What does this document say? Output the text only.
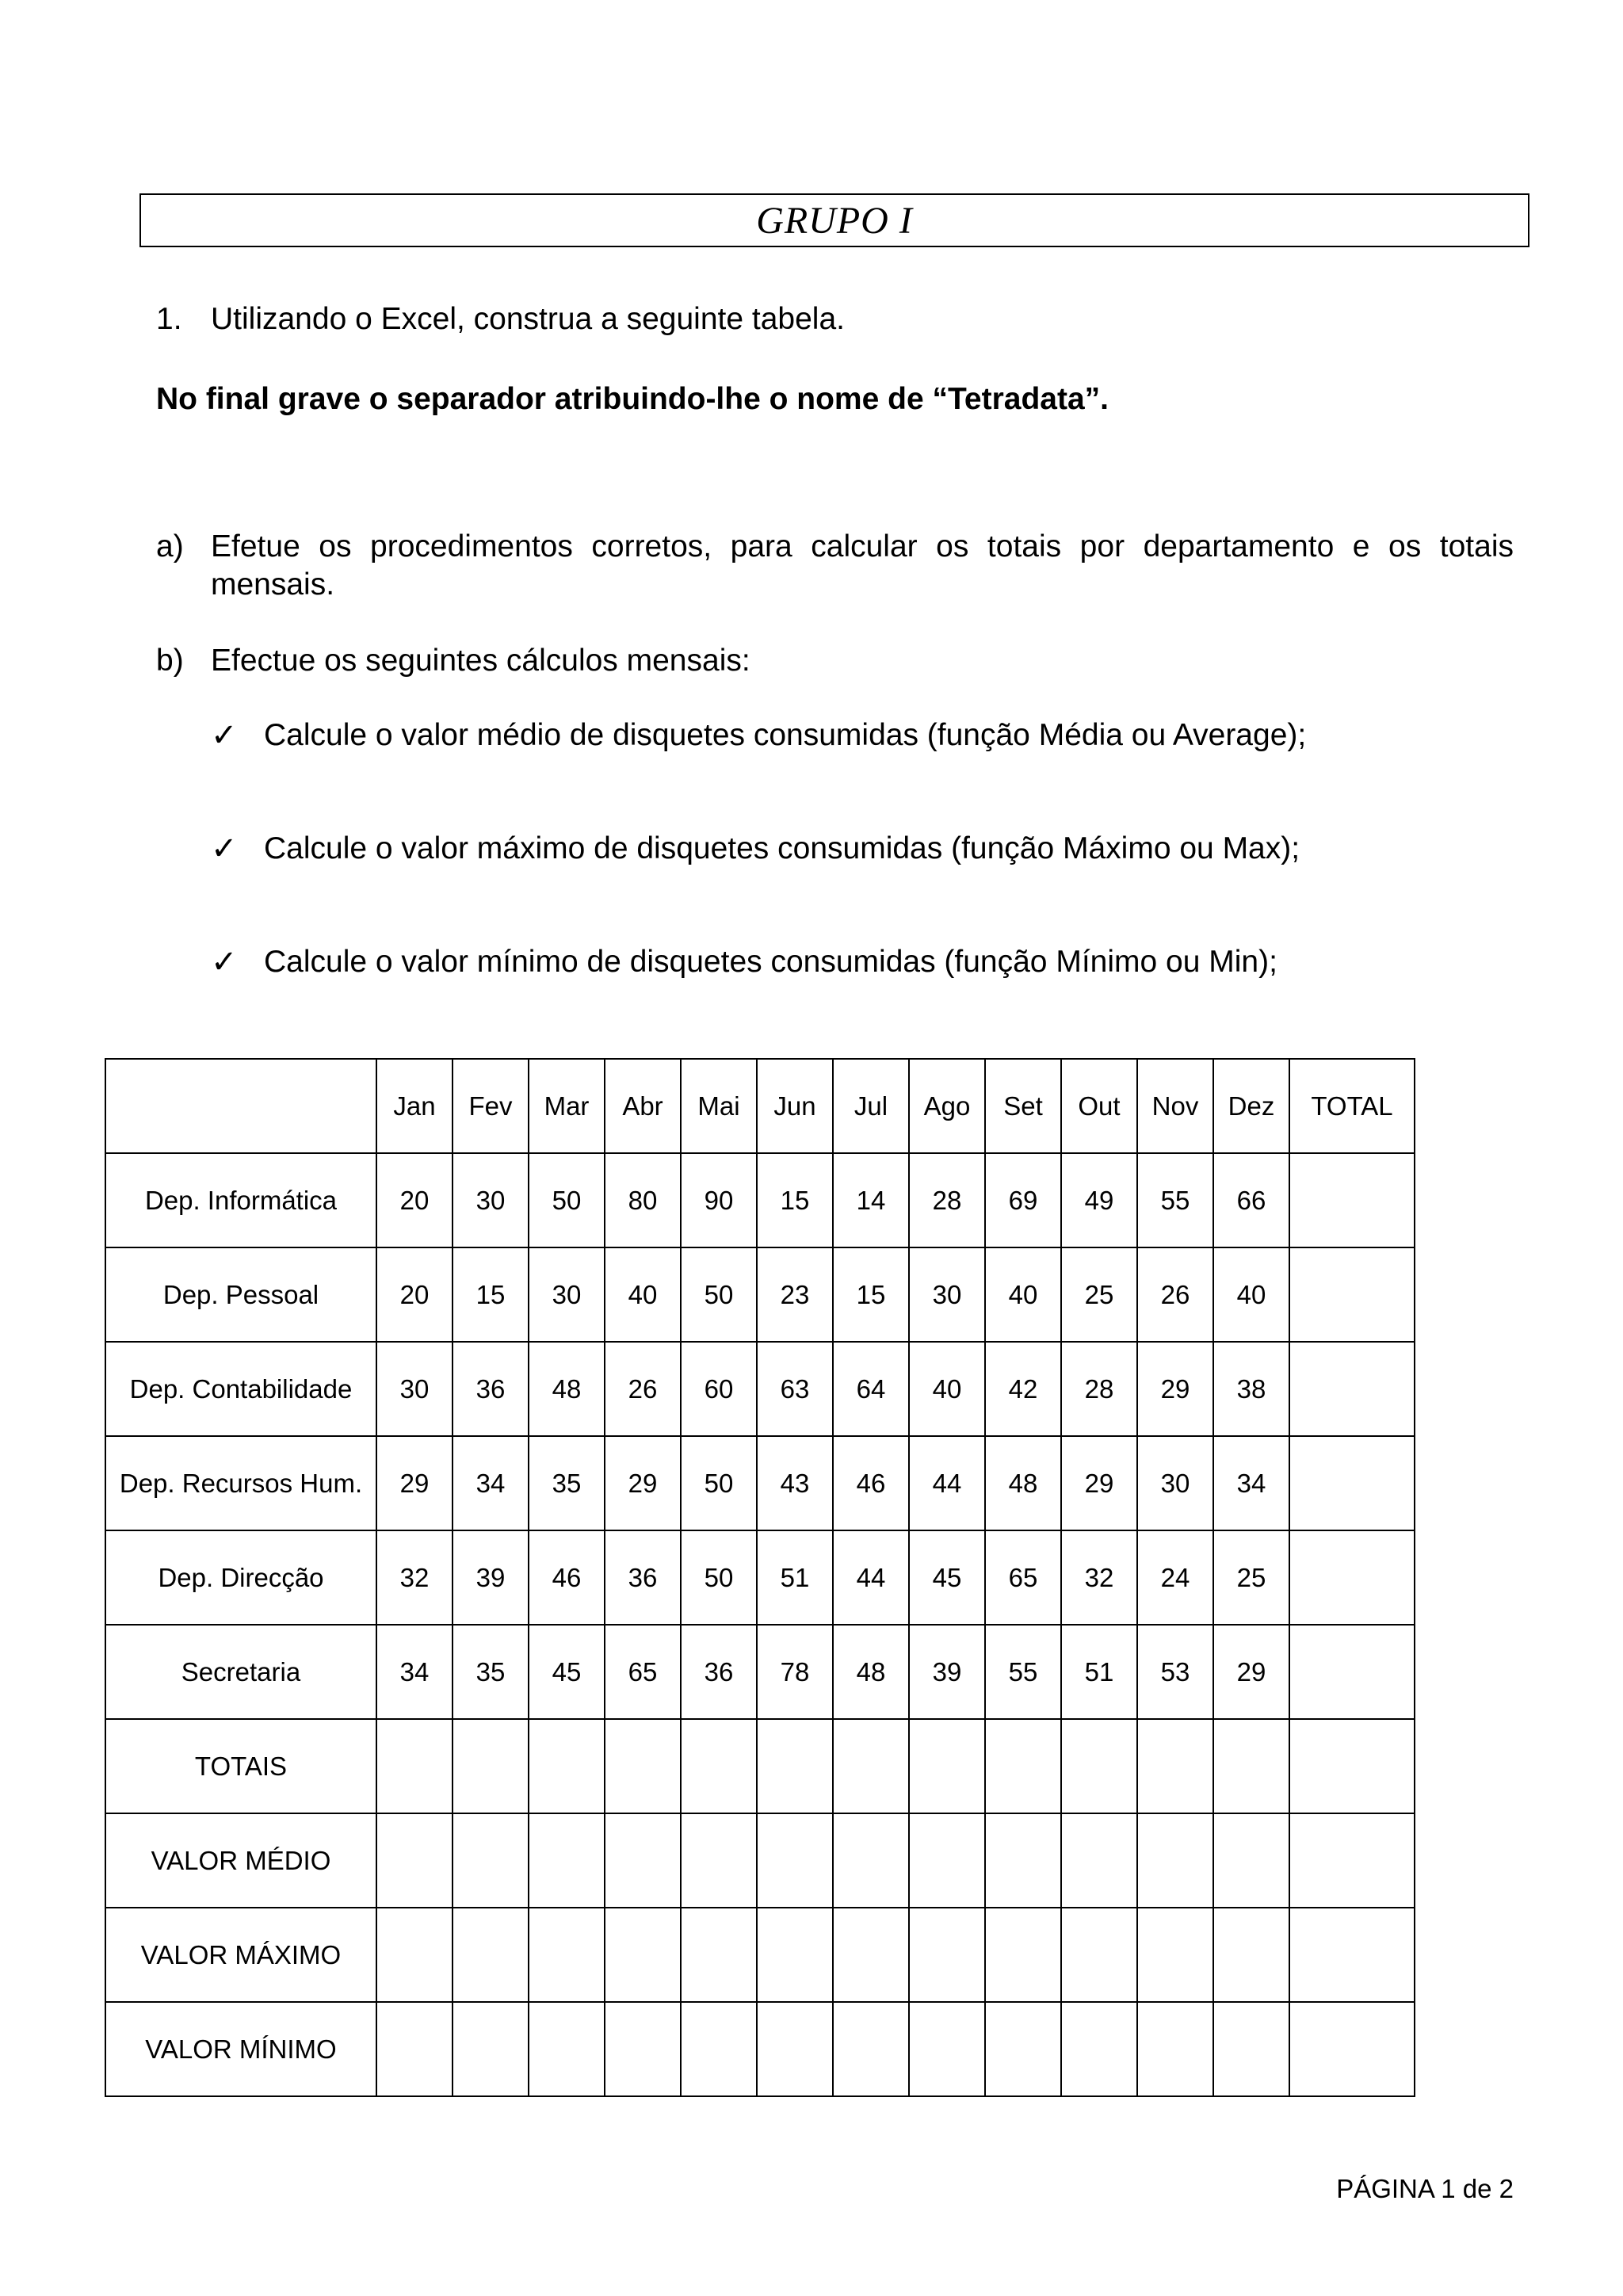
GRUPO I
1. Utilizando o Excel, construa a seguinte tabela.
No final grave o separador atribuindo-lhe o nome de “Tetradata”.
a) Efetue os procedimentos corretos, para calcular os totais por departamento e os totais mensais.
b) Efectue os seguintes cálculos mensais:
✓ Calcule o valor médio de disquetes consumidas (função Média ou Average);
✓ Calcule o valor máximo de disquetes consumidas (função Máximo ou Max);
✓ Calcule o valor mínimo de disquetes consumidas (função Mínimo ou Min);
	Jan	Fev	Mar	Abr	Mai	Jun	Jul	Ago	Set	Out	Nov	Dez	TOTAL
Dep. Informática	20	30	50	80	90	15	14	28	69	49	55	66	
Dep. Pessoal	20	15	30	40	50	23	15	30	40	25	26	40	
Dep. Contabilidade	30	36	48	26	60	63	64	40	42	28	29	38	
Dep. Recursos Hum.	29	34	35	29	50	43	46	44	48	29	30	34	
Dep. Direcção	32	39	46	36	50	51	44	45	65	32	24	25	
Secretaria	34	35	45	65	36	78	48	39	55	51	53	29	
TOTAIS													
VALOR MÉDIO													
VALOR MÁXIMO													
VALOR MÍNIMO													
PÁGINA 1 de 2
